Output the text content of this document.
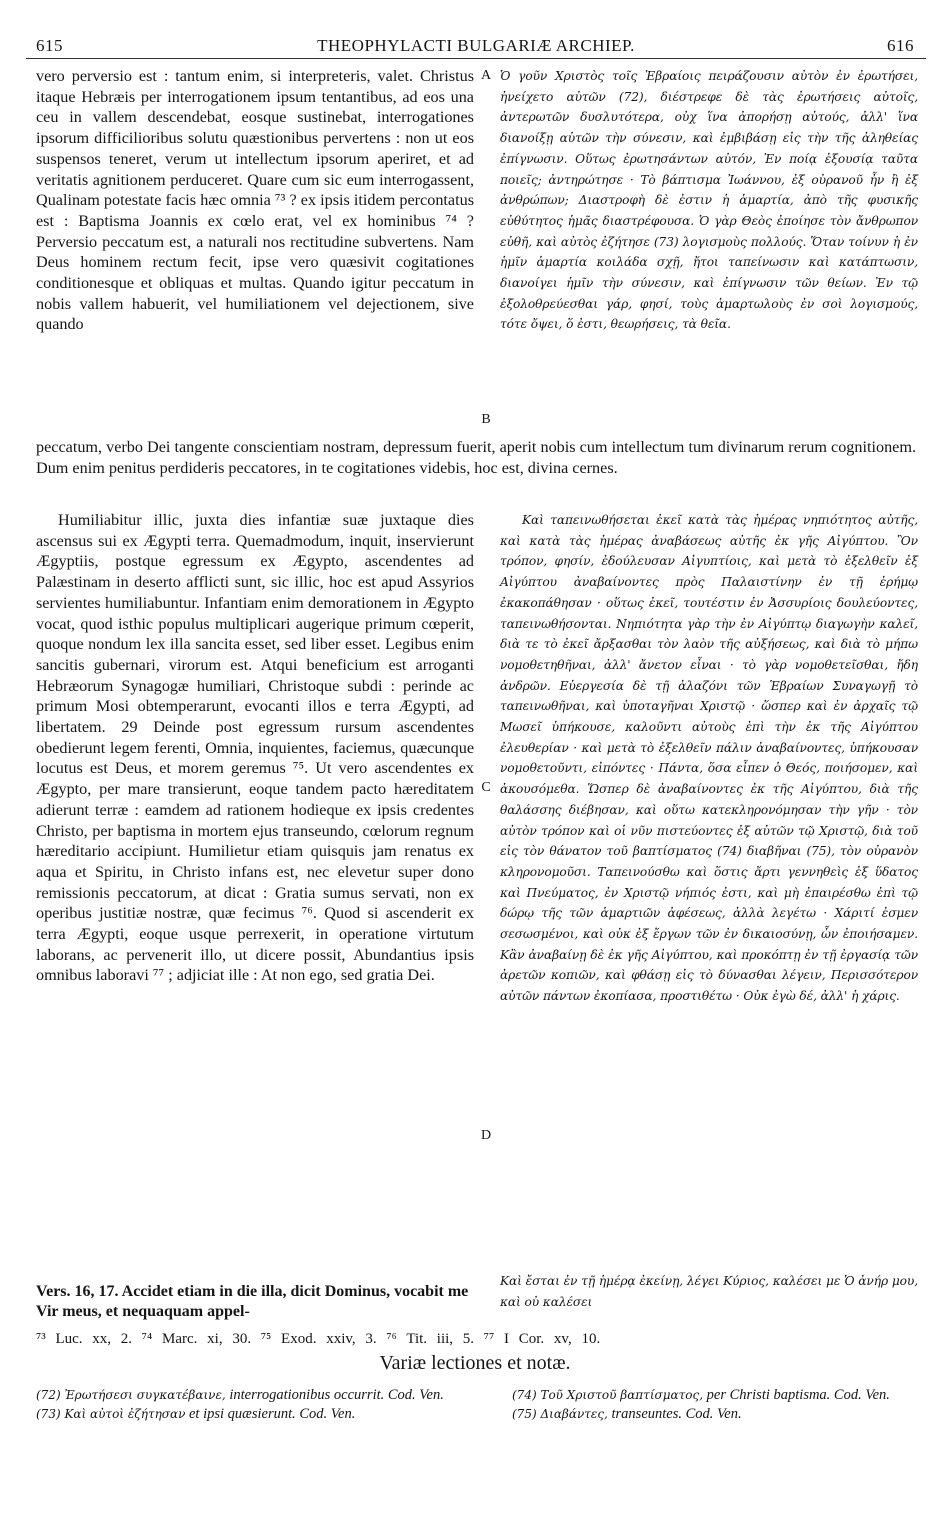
615	THEOPHYLACTI BULGARIÆ ARCHIEP.	616

vero perversio est : tantum enim, si interpreteris, valet. Christus itaque Hebræis per interrogationem ipsum tentantibus, ad eos una ceu in vallem descendebat, eosque sustinebat, interrogationes ipsorum difficilioribus solutu quæstionibus pervertens : non ut eos suspensos teneret, verum ut intellectum ipsorum aperiret, et ad veritatis agnitionem perduceret. Quare cum sic eum interrogassent, Qualinam potestate facis hæc omnia ⁷³ ? ex ipsis itidem percontatus est : Baptisma Joannis ex cœlo erat, vel ex hominibus ⁷⁴ ? Perversio peccatum est, a naturali nos rectitudine subvertens. Nam Deus hominem rectum fecit, ipse vero quæsivit cogitationes conditionesque et obliquas et multas. Quando igitur peccatum in nobis vallem habuerit, vel humiliationem vel dejectionem, sive quando

Ὁ γοῦν Χριστὸς τοῖς Ἑβραίοις πειράζουσιν αὐτὸν ἐν ἐρωτήσει, ἠνείχετο αὐτῶν (72), διέστρεφε δὲ τὰς ἐρωτήσεις αὐτοῖς, ἀντερωτῶν δυσλυτότερα, οὐχ ἵνα ἀπορήσῃ αὐτούς, ἀλλ' ἵνα διανοίξῃ αὐτῶν τὴν σύνεσιν, καὶ ἐμβιβάσῃ εἰς τὴν τῆς ἀληθείας ἐπίγνωσιν. Οὕτως ἐρωτησάντων αὐτόν, Ἐν ποίᾳ ἐξουσίᾳ ταῦτα ποιεῖς; ἀντηρώτησε · Τὸ βάπτισμα Ἰωάννου, ἐξ οὐρανοῦ ἦν ἢ ἐξ ἀνθρώπων; Διαστροφὴ δὲ ἐστιν ἡ ἁμαρτία, ἀπὸ τῆς φυσικῆς εὐθύτητος ἡμᾶς διαστρέφουσα. Ὁ γὰρ Θεὸς ἐποίησε τὸν ἄνθρωπον εὐθῆ, καὶ αὐτὸς ἐζήτησε (73) λογισμοὺς πολλούς. Ὅταν τοίνυν ἡ ἐν ἡμῖν ἁμαρτία κοιλάδα σχῇ, ἤτοι ταπείνωσιν καὶ κατάπτωσιν, διανοίγει ἡμῖν τὴν σύνεσιν, καὶ ἐπίγνωσιν τῶν θείων. Ἐν τῷ ἐξολοθρεύεσθαι γάρ, φησί, τοὺς ἁμαρτωλοὺς ἐν σοὶ λογισμούς, τότε ὄψει, ὅ ἐστι, θεωρήσεις, τὰ θεῖα.

A
B

peccatum, verbo Dei tangente conscientiam nostram, depressum fuerit, aperit nobis cum intellectum tum divinarum rerum cognitionem. Dum enim penitus perdideris peccatores, in te cogitationes videbis, hoc est, divina cernes.

Humiliabitur illic, juxta dies infantiæ suæ juxtaque dies ascensus sui ex Ægypti terra. Quemadmodum, inquit, inservierunt Ægyptiis, postque egressum ex Ægypto, ascendentes ad Palæstinam in deserto afflicti sunt, sic illic, hoc est apud Assyrios servientes humiliabuntur. Infantiam enim demorationem in Ægypto vocat, quod isthic populus multiplicari augerique primum cœperit, quoque nondum lex illa sancita esset, sed liber esset. Legibus enim sancitis gubernari, virorum est. Atqui beneficium est arroganti Hebræorum Synagogæ humiliari, Christoque subdi : perinde ac primum Mosi obtemperarunt, evocanti illos e terra Ægypti, ad libertatem. 29 Deinde post egressum rursum ascendentes obedierunt legem ferenti, Omnia, inquientes, faciemus, quæcunque locutus est Deus, et morem geremus ⁷⁵. Ut vero ascendentes ex Ægypto, per mare transierunt, eoque tandem pacto hæreditatem adierunt terræ : eamdem ad rationem hodieque ex ipsis credentes Christo, per baptisma in mortem ejus transeundo, cœlorum regnum hæreditario accipiunt. Humilietur etiam quisquis jam renatus ex aqua et Spiritu, in Christo infans est, nec elevetur super dono remissionis peccatorum, at dicat : Gratia sumus servati, non ex operibus justitiæ nostræ, quæ fecimus ⁷⁶. Quod si ascenderit ex terra Ægypti, eoque usque perrexerit, in operatione virtutum laborans, ac pervenerit illo, ut dicere possit, Abundantius ipsis omnibus laboravi ⁷⁷ ; adjiciat ille : At non ego, sed gratia Dei.

Καὶ ταπεινωθήσεται ἐκεῖ κατὰ τὰς ἡμέρας νηπιότητος αὐτῆς, καὶ κατὰ τὰς ἡμέρας ἀναβάσεως αὐτῆς ἐκ γῆς Αἰγύπτου. Ὃν τρόπον, φησίν, ἐδούλευσαν Αἰγυπτίοις, καὶ μετὰ τὸ ἐξελθεῖν ἐξ Αἰγύπτου ἀναβαίνοντες πρὸς Παλαιστίνην ἐν τῇ ἐρήμῳ ἐκακοπάθησαν · οὕτως ἐκεῖ, τουτέστιν ἐν Ἀσσυρίοις δουλεύοντες, ταπεινωθήσονται. Νηπιότητα γὰρ τὴν ἐν Αἰγύπτῳ διαγωγὴν καλεῖ, διὰ τε τὸ ἐκεῖ ἄρξασθαι τὸν λαὸν τῆς αὐξήσεως, καὶ διὰ τὸ μήπω νομοθετηθῆναι, ἀλλ' ἄνετον εἶναι · τὸ γὰρ νομοθετεῖσθαι, ἤδη ἀνδρῶν. Εὐεργεσία δὲ τῇ ἀλαζόνι τῶν Ἑβραίων Συναγωγῇ τὸ ταπεινωθῆναι, καὶ ὑποταγῆναι Χριστῷ · ὥσπερ καὶ ἐν ἀρχαῖς τῷ Μωσεῖ ὑπήκουσε, καλοῦντι αὐτοὺς ἐπὶ τὴν ἐκ τῆς Αἰγύπτου ἐλευθερίαν · καὶ μετὰ τὸ ἐξελθεῖν πάλιν ἀναβαίνοντες, ὑπήκουσαν νομοθετοῦντι, εἰπόντες · Πάντα, ὅσα εἶπεν ὁ Θεός, ποιήσομεν, καὶ ἀκουσόμεθα. Ὥσπερ δὲ ἀναβαίνοντες ἐκ τῆς Αἰγύπτου, διὰ τῆς θαλάσσης διέβησαν, καὶ οὕτω κατεκληρονόμησαν τὴν γῆν · τὸν αὐτὸν τρόπον καὶ οἱ νῦν πιστεύοντες ἐξ αὐτῶν τῷ Χριστῷ, διὰ τοῦ εἰς τὸν θάνατον τοῦ βαπτίσματος (74) διαβῆναι (75), τὸν οὐρανὸν κληρονομοῦσι. Ταπεινούσθω καὶ ὅστις ἄρτι γεννηθεὶς ἐξ ὕδατος καὶ Πνεύματος, ἐν Χριστῷ νήπιός ἐστι, καὶ μὴ ἐπαιρέσθω ἐπὶ τῷ δώρῳ τῆς τῶν ἁμαρτιῶν ἀφέσεως, ἀλλὰ λεγέτω · Χάριτί ἐσμεν σεσωσμένοι, καὶ οὐκ ἐξ ἔργων τῶν ἐν δικαιοσύνῃ, ὧν ἐποιήσαμεν. Κἂν ἀναβαίνῃ δὲ ἐκ γῆς Αἰγύπτου, καὶ προκόπτῃ ἐν τῇ ἐργασίᾳ τῶν ἀρετῶν κοπιῶν, καὶ φθάσῃ εἰς τὸ δύνασθαι λέγειν, Περισσότερον αὐτῶν πάντων ἐκοπίασα, προστιθέτω · Οὐκ ἐγὼ δέ, ἀλλ' ἡ χάρις.

C
D
Vers. 16, 17. Accidet etiam in die illa, dicit Dominus, vocabit me Vir meus, et nequaquam appel-
Καὶ ἔσται ἐν τῇ ἡμέρᾳ ἐκείνῃ, λέγει Κύριος, καλέσει με Ὁ ἀνήρ μου, καὶ οὐ καλέσει
⁷³ Luc. xx, 2. ⁷⁴ Marc. xi, 30. ⁷⁵ Exod. xxiv, 3. ⁷⁶ Tit. iii, 5. ⁷⁷ I Cor. xv, 10.
Variæ lectiones et notæ.

(72) Ἐρωτήσεσι συγκατέβαινε, interrogationibus occurrit. Cod. Ven.

(73) Καὶ αὐτοὶ ἐζήτησαν et ipsi quæsierunt. Cod. Ven.

(74) Τοῦ Χριστοῦ βαπτίσματος, per Christi baptisma. Cod. Ven.

(75) Διαβάντες, transeuntes. Cod. Ven.
